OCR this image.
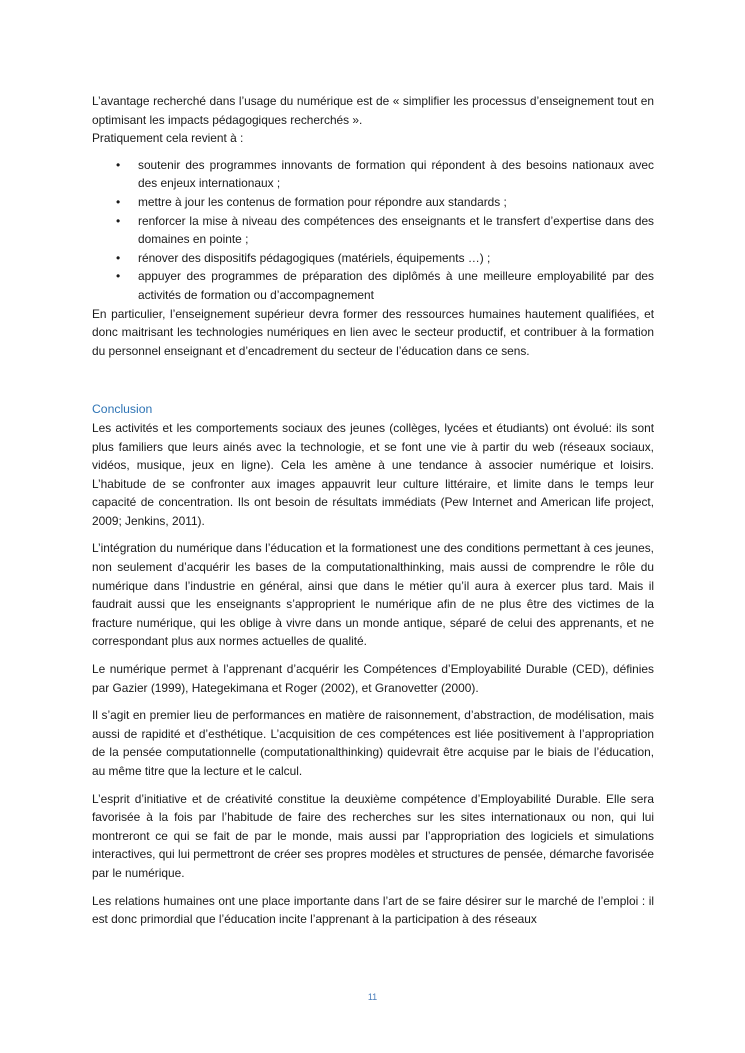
L’avantage recherché dans l’usage du numérique est de « simplifier les processus d’enseignement tout en optimisant les impacts pédagogiques recherchés ».

Pratiquement cela revient à :

• soutenir des programmes innovants de formation qui répondent à des besoins nationaux avec des enjeux internationaux ;
• mettre à jour les contenus de formation pour répondre aux standards ;
• renforcer la mise à niveau des compétences des enseignants et le transfert d’expertise dans des domaines en pointe ;
• rénover des dispositifs pédagogiques (matériels, équipements …) ;
• appuyer des programmes de préparation des diplômés à une meilleure employabilité par des activités de formation ou d’accompagnement

En particulier, l’enseignement supérieur devra former des ressources humaines hautement qualifiées, et donc maitrisant les technologies numériques en lien avec le secteur productif, et contribuer à la formation du personnel enseignant et d’encadrement du secteur de l’éducation dans ce sens.

Conclusion

Les activités et les comportements sociaux des jeunes (collèges, lycées et étudiants) ont évolué: ils sont plus familiers que leurs ainés avec la technologie, et se font une vie à partir du web (réseaux sociaux, vidéos, musique, jeux en ligne). Cela les amène à une tendance à associer numérique et loisirs. L’habitude de se confronter aux images appauvrit leur culture littéraire, et limite dans le temps leur capacité de concentration. Ils ont besoin de résultats immédiats (Pew Internet and American life project, 2009; Jenkins, 2011).

L’intégration du numérique dans l’éducation et la formationest une des conditions permettant à ces jeunes, non seulement d’acquérir les bases de la computationalthinking, mais aussi de comprendre le rôle du numérique dans l’industrie en général, ainsi que dans le métier qu’il aura à exercer plus tard. Mais il faudrait aussi que les enseignants s’approprient le numérique afin de ne plus être des victimes de la fracture numérique, qui les oblige à vivre dans un monde antique, séparé de celui des apprenants, et ne correspondant plus aux normes actuelles de qualité.

Le numérique permet à l’apprenant d’acquérir les Compétences d’Employabilité Durable (CED), définies par Gazier (1999), Hategekimana et Roger (2002), et Granovetter (2000).

Il s’agit en premier lieu de performances en matière de raisonnement, d’abstraction, de modélisation, mais aussi de rapidité et d’esthétique. L’acquisition de ces compétences est liée positivement à l’appropriation de la pensée computationnelle (computationalthinking) quidevrait être acquise par le biais de l’éducation, au même titre que la lecture et le calcul.

L’esprit d’initiative et de créativité constitue la deuxième compétence d’Employabilité Durable. Elle sera favorisée à la fois par l’habitude de faire des recherches sur les sites internationaux ou non, qui lui montreront ce qui se fait de par le monde, mais aussi par l’appropriation des logiciels et simulations interactives, qui lui permettront de créer ses propres modèles et structures de pensée, démarche favorisée par le numérique.

Les relations humaines ont une place importante dans l’art de se faire désirer sur le marché de l’emploi : il est donc primordial que l’éducation incite l’apprenant à la participation à des réseaux

11
